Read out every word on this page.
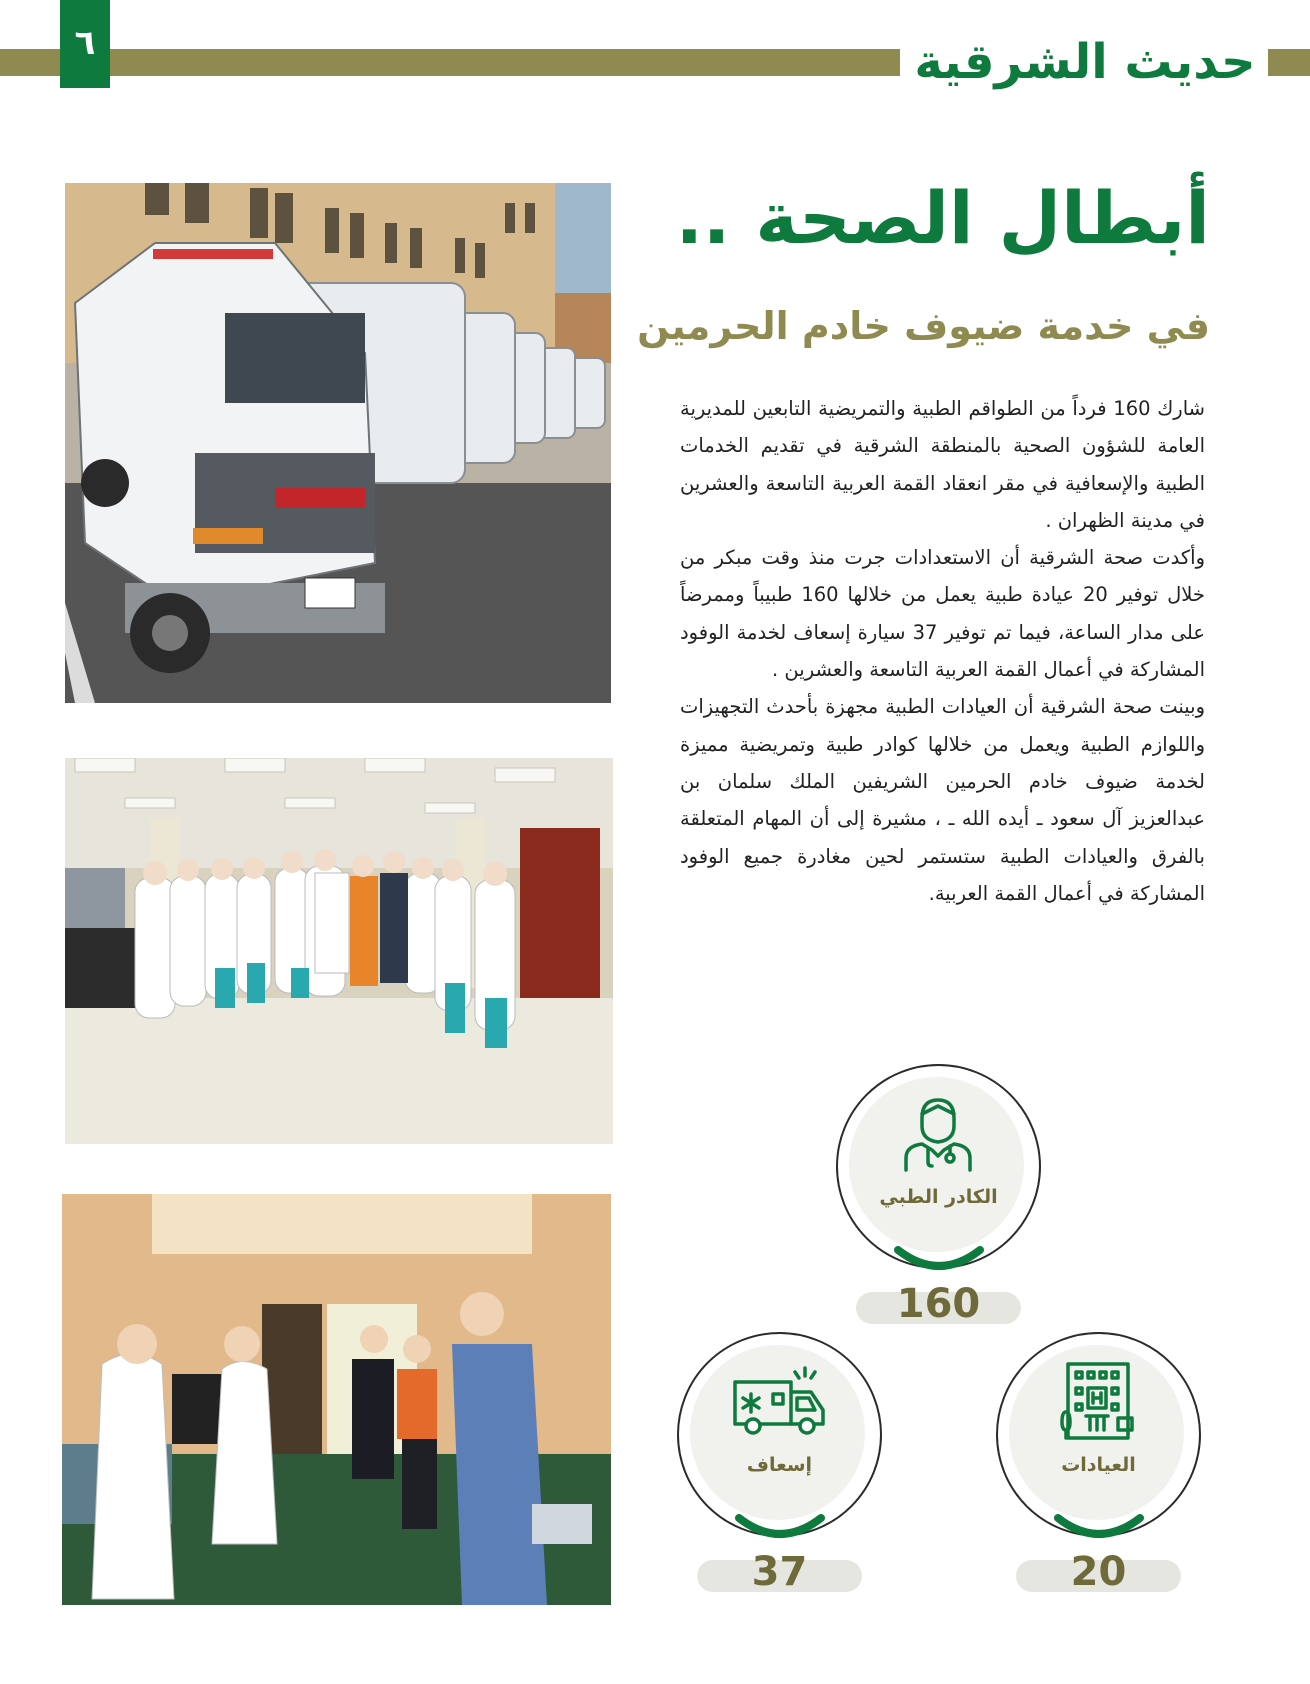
٦	حديث الشرقية
أبطال الصحة ..
في خدمة ضيوف خادم الحرمين

شارك 160 فرداً من الطواقم الطبية والتمريضية التابعين للمديرية العامة للشؤون الصحية بالمنطقة الشرقية في تقديم الخدمات الطبية والإسعافية في مقر انعقاد القمة العربية التاسعة والعشرين في مدينة الظهران .

وأكدت صحة الشرقية أن الاستعدادات جرت منذ وقت مبكر من خلال توفير 20 عيادة طبية يعمل من خلالها 160 طبيباً وممرضاً على مدار الساعة، فيما تم توفير 37 سيارة إسعاف لخدمة الوفود المشاركة في أعمال القمة العربية التاسعة والعشرين .

وبينت صحة الشرقية أن العيادات الطبية مجهزة بأحدث التجهيزات واللوازم الطبية ويعمل من خلالها كوادر طبية وتمريضية مميزة لخدمة ضيوف خادم الحرمين الشريفين الملك سلمان بن عبدالعزيز آل سعود ـ أيده الله ـ ، مشيرة إلى أن المهام المتعلقة بالفرق والعيادات الطبية ستستمر لحين مغادرة جميع الوفود المشاركة في أعمال القمة العربية.

الكادر الطبي
160
إسعاف
37
العيادات
20
